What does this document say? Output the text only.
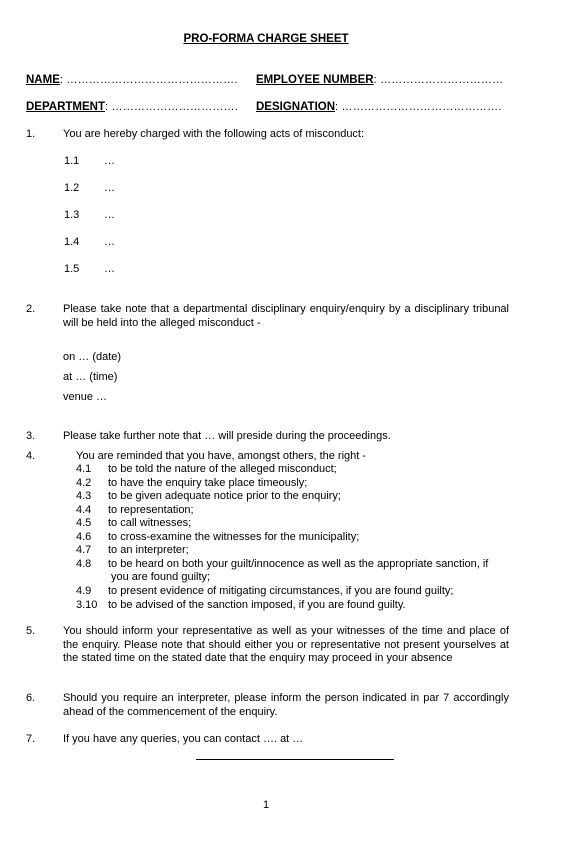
PRO-FORMA CHARGE SHEET
NAME: ………………………………………. EMPLOYEE NUMBER: ……………………………
DEPARTMENT: ……………………………. DESIGNATION: …………………………………….
1.	You are hereby charged with the following acts of misconduct:
1.1 …
1.2 …
1.3 …
1.4 …
1.5 …
2.	Please take note that a departmental disciplinary enquiry/enquiry by a disciplinary tribunal will be held into the alleged misconduct -
on … (date)
at … (time)
venue …
3.	Please take further note that … will preside during the proceedings.
4.	You are reminded that you have, amongst others, the right -
4.1 to be told the nature of the alleged misconduct;
4.2 to have the enquiry take place timeously;
4.3 to be given adequate notice prior to the enquiry;
4.4 to representation;
4.5 to call witnesses;
4.6 to cross-examine the witnesses for the municipality;
4.7 to an interpreter;
4.8 to be heard on both your guilt/innocence as well as the appropriate sanction, if
you are found guilty;
4.9 to present evidence of mitigating circumstances, if you are found guilty;
3.10 to be advised of the sanction imposed, if you are found guilty.
5.	You should inform your representative as well as your witnesses of the time and place of the enquiry. Please note that should either you or representative not present yourselves at the stated time on the stated date that the enquiry may proceed in your absence
6.	Should you require an interpreter, please inform the person indicated in par 7 accordingly ahead of the commencement of the enquiry.
7.	If you have any queries, you can contact …. at …
1
